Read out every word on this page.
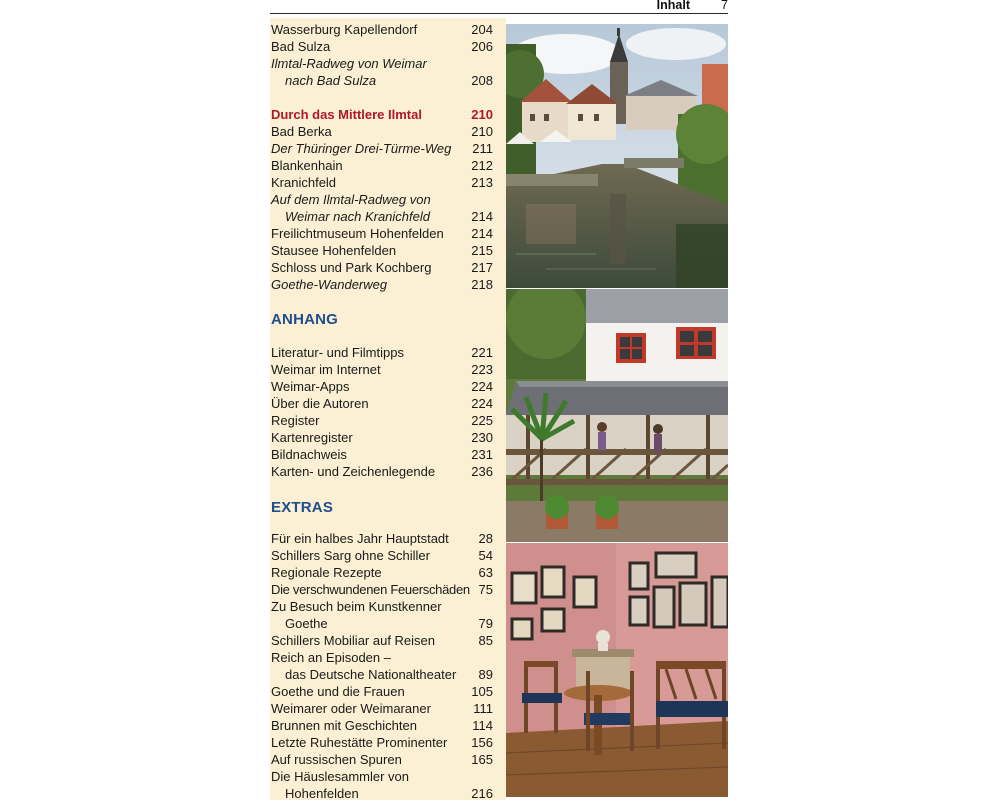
Inhalt	7
Wasserburg Kapellendorf	204
Bad Sulza	206
Ilmtal-Radweg von Weimar
nach Bad Sulza	208
Durch das Mittlere Ilmtal	210
Bad Berka	210
Der Thüringer Drei-Türme-Weg 211
Blankenhain	212
Kranichfeld	213
Auf dem Ilmtal-Radweg von
Weimar nach Kranichfeld	214
Freilichtmuseum Hohenfelden 214
Stausee Hohenfelden	215
Schloss und Park Kochberg	217
Goethe-Wanderweg	218
ANHANG
Literatur- und Filmtipps	221
Weimar im Internet	223
Weimar-Apps	224
Über die Autoren	224
Register	225
Kartenregister	230
Bildnachweis	231
Karten- und Zeichenlegende	236
EXTRAS
Für ein halbes Jahr Hauptstadt 28
Schillers Sarg ohne Schiller	54
Regionale Rezepte	63
Die verschwundenen Feuerschäden 75
Zu Besuch beim Kunstkenner
Goethe	79
Schillers Mobiliar auf Reisen	85
Reich an Episoden –
das Deutsche Nationaltheater 89
Goethe und die Frauen	105
Weimarer oder Weimaraner	111
Brunnen mit Geschichten	114
Letzte Ruhestätte Prominenter 156
Auf russischen Spuren	165
Die Häuslesammler von
Hohenfelden	216
